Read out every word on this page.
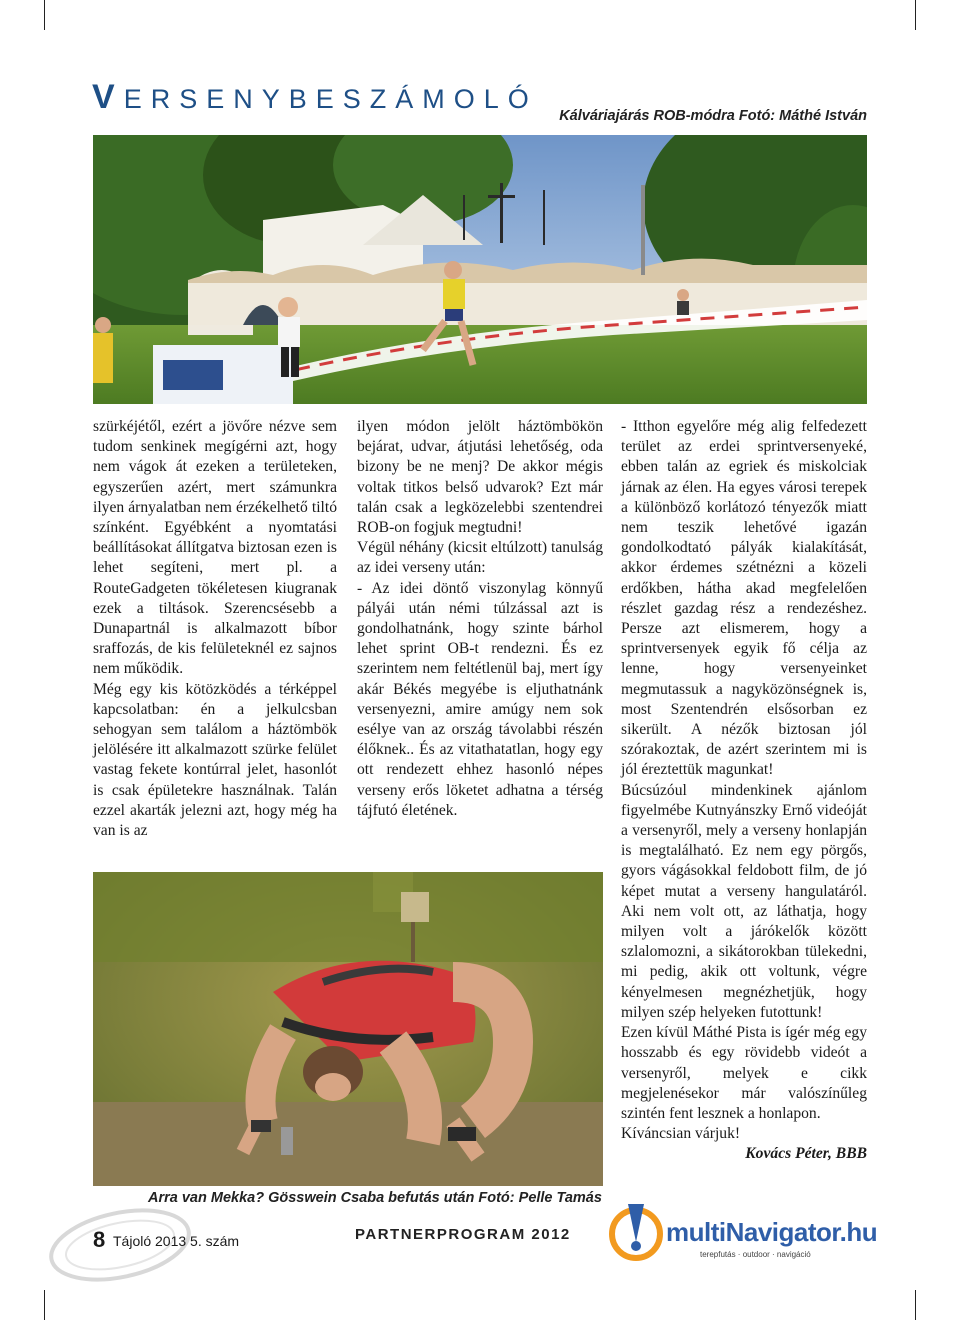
VERSENYBESZÁMOLÓ
Kálváriajárás ROB-módra Fotó: Máthé István

szürkéjétől, ezért a jövőre nézve sem tudom senkinek megígérni azt, hogy nem vágok át ezeken a területeken, egyszerűen azért, mert számunkra ilyen árnyalatban nem érzékelhető tiltó színként. Egyébként a nyomtatási beállításokat állítgatva biztosan ezen is lehet segíteni, mert pl. a RouteGadgeten tökéletesen kiugranak ezek a tiltások. Szerencsésebb a Dunapartnál is alkalmazott bíbor sraffozás, de kis felületeknél ez sajnos nem működik.

Még egy kis kötözködés a térképpel kapcsolatban: én a jelkulcsban sehogyan sem találom a háztömbök jelölésére itt alkalmazott szürke felület vastag fekete kontúrral jelet, hasonlót is csak épületekre használnak. Talán ezzel akarták jelezni azt, hogy még ha van is az

ilyen módon jelölt háztömbökön bejárat, udvar, átjutási lehetőség, oda bizony be ne menj? De akkor mégis voltak titkos belső udvarok? Ezt már talán csak a legközelebbi szentendrei ROB-on fogjuk megtudni!

Végül néhány (kicsit eltúlzott) tanulság az idei verseny után:

- Az idei döntő viszonylag könnyű pályái után némi túlzással azt is gondolhatnánk, hogy szinte bárhol lehet sprint OB-t rendezni. És ez szerintem nem feltétlenül baj, mert így akár Békés megyébe is eljuthatnánk versenyezni, amire amúgy nem sok esélye van az ország távolabbi részén élőknek.. És az vitathatatlan, hogy egy ott rendezett ehhez hasonló népes verseny erős löketet adhatna a térség tájfutó életének.

- Itthon egyelőre még alig felfedezett terület az erdei sprintversenyeké, ebben talán az egriek és miskolciak járnak az élen. Ha egyes városi terepek a különböző korlátozó tényezők miatt nem teszik lehetővé igazán gondolkodtató pályák kialakítását, akkor érdemes szétnézni a közeli erdőkben, hátha akad megfelelően részlet gazdag rész a rendezéshez. Persze azt elismerem, hogy a sprintversenyek egyik fő célja az lenne, hogy versenyeinket megmutassuk a nagyközönségnek is, most Szentendrén elsősorban ez sikerült. A nézők biztosan jól szórakoztak, de azért szerintem mi is jól éreztettük magunkat!

Búcsúzóul mindenkinek ajánlom figyelmébe Kutnyánszky Ernő videóját a versenyről, mely a verseny honlapján is megtalálható. Ez nem egy pörgős, gyors vágásokkal feldobott film, de jó képet mutat a verseny hangulatáról. Aki nem volt ott, az láthatja, hogy milyen volt a járókelők között szlalomozni, a sikátorokban tülekedni, mi pedig, akik ott voltunk, végre kényelmesen megnézhetjük, hogy milyen szép helyeken futottunk!

Ezen kívül Máthé Pista is ígér még egy hosszabb és egy rövidebb videót a versenyről, melyek e cikk megjelenésekor már valószínűleg szintén fent lesznek a honlapon.

Kíváncsian várjuk!

Kovács Péter, BBB

Arra van Mekka? Gösswein Csaba befutás után Fotó: Pelle Tamás
8 Tájoló 2013 5. szám	PARTNERPROGRAM 2012	multiNavigator.hu
terepfutás · outdoor · navigáció
